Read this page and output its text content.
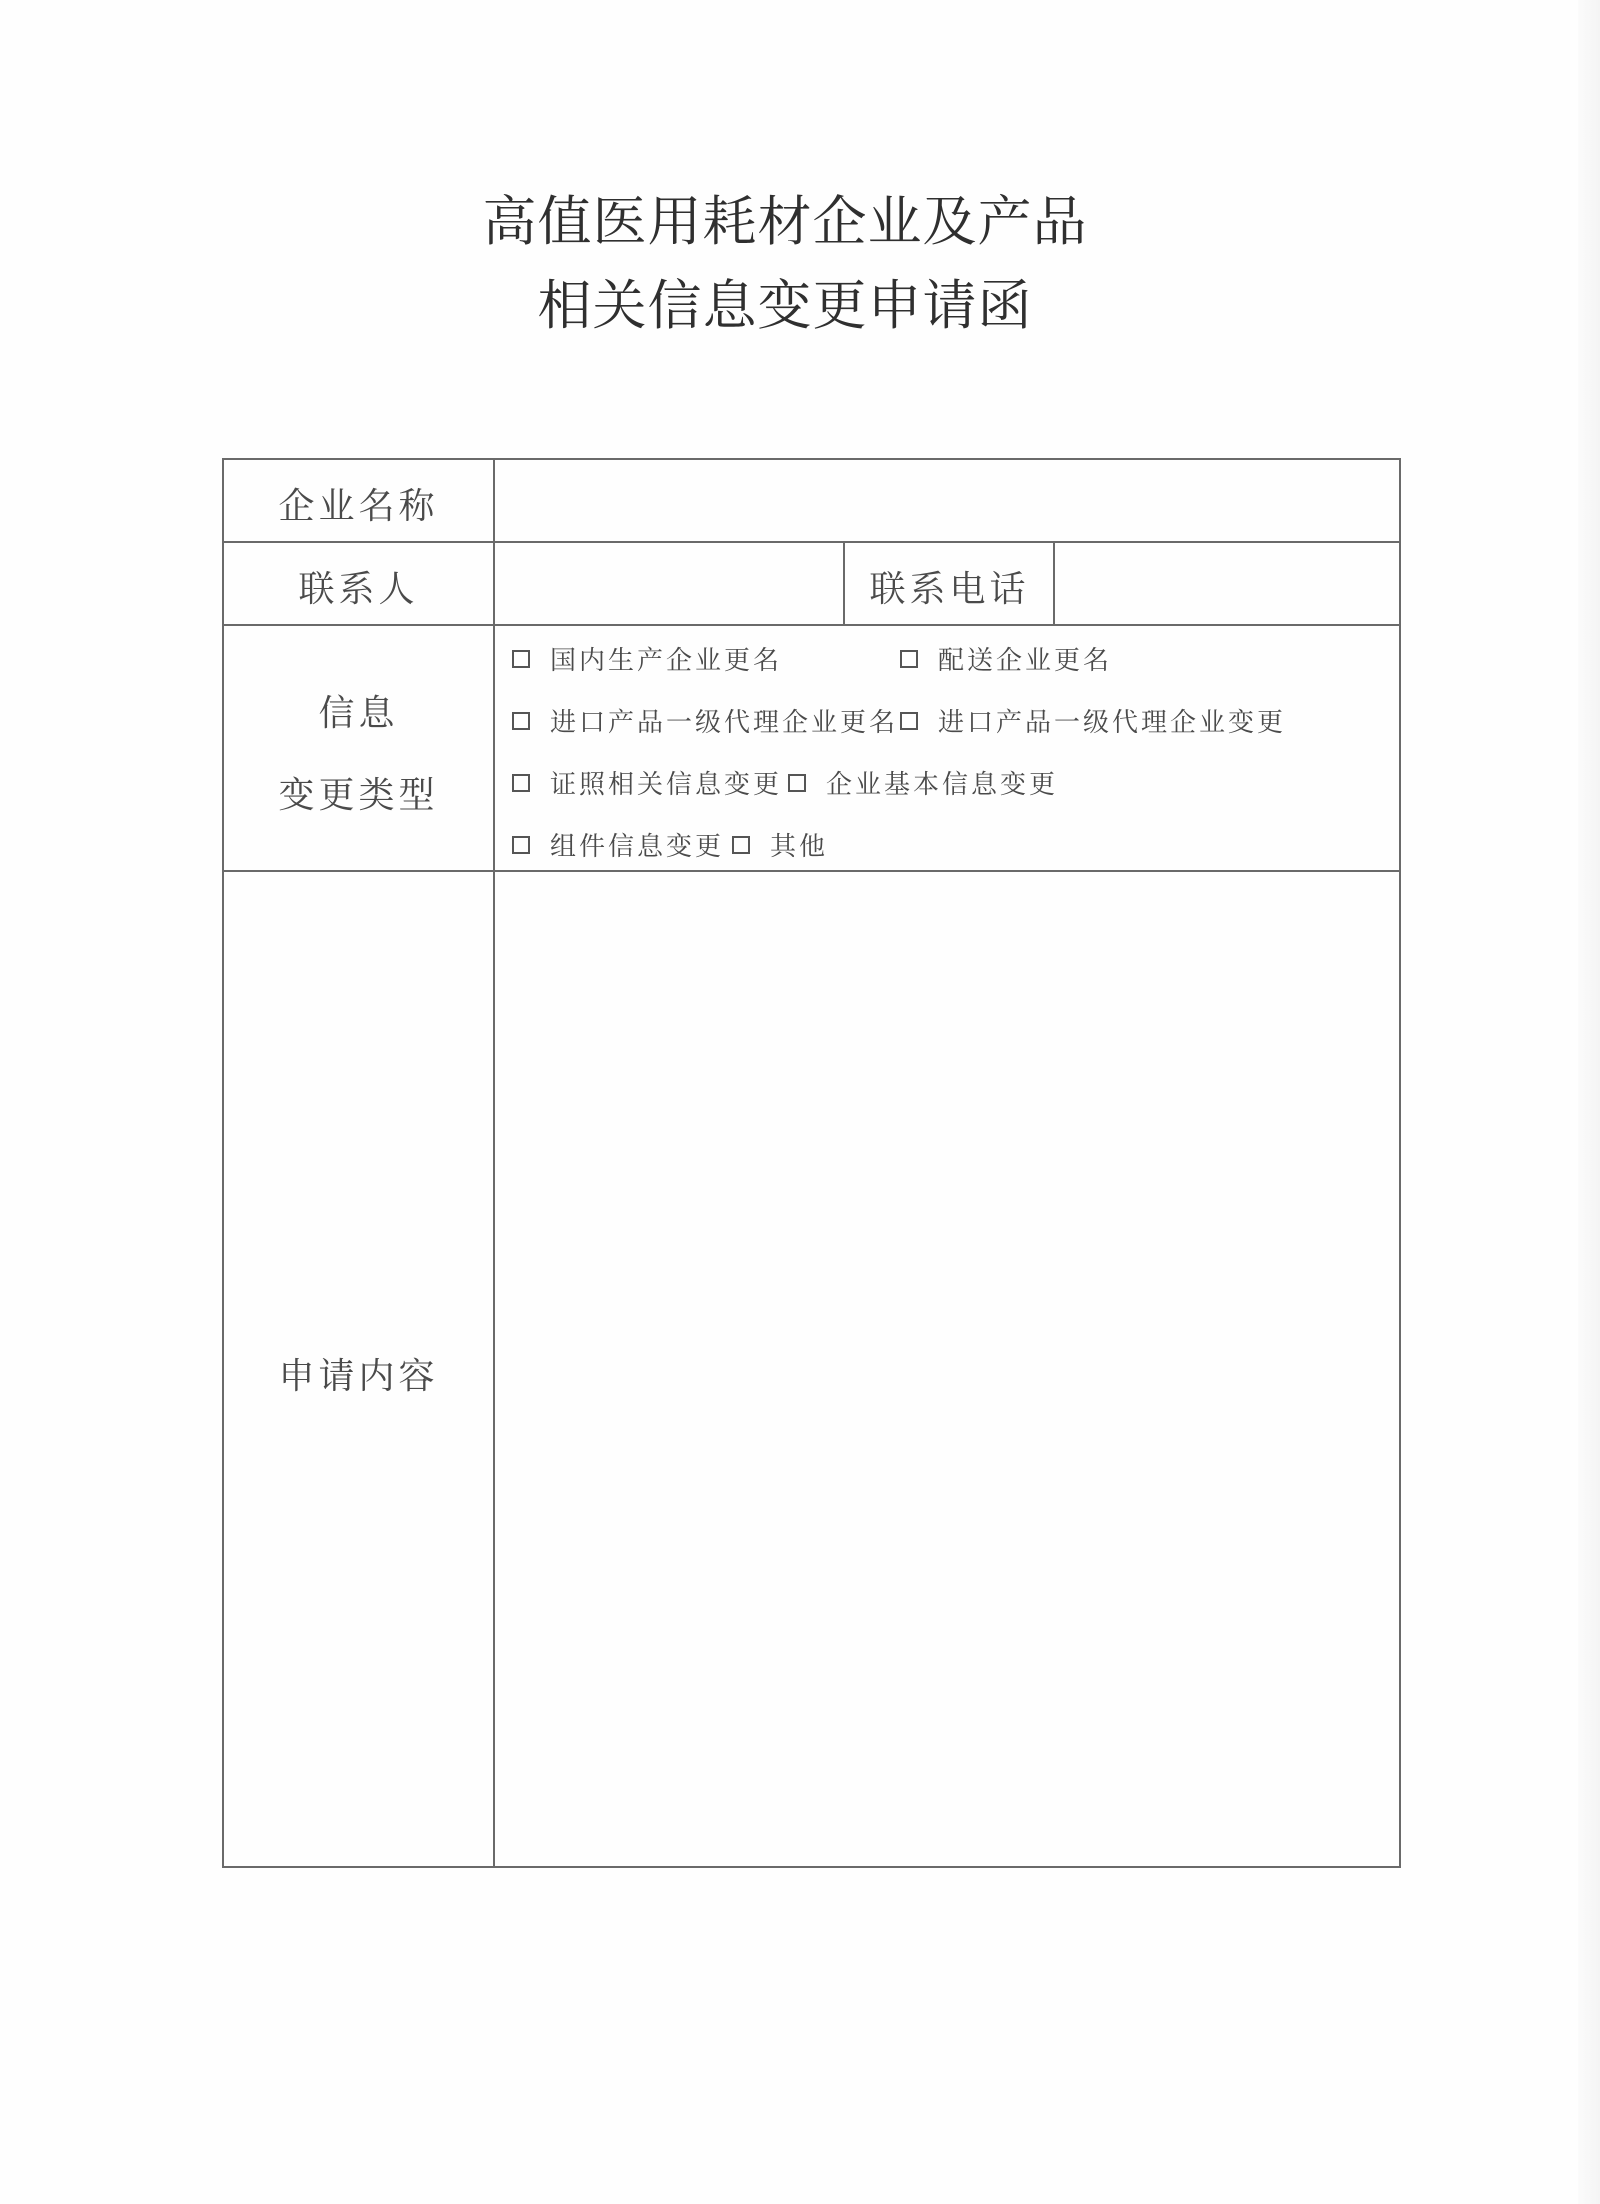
高值医用耗材企业及产品
相关信息变更申请函
企业名称
联系人	联系电话
信息
变更类型
国内生产企业更名	配送企业更名
进口产品一级代理企业更名 进口产品一级代理企业变更
证照相关信息变更 企业基本信息变更
组件信息变更 其他
申请内容
